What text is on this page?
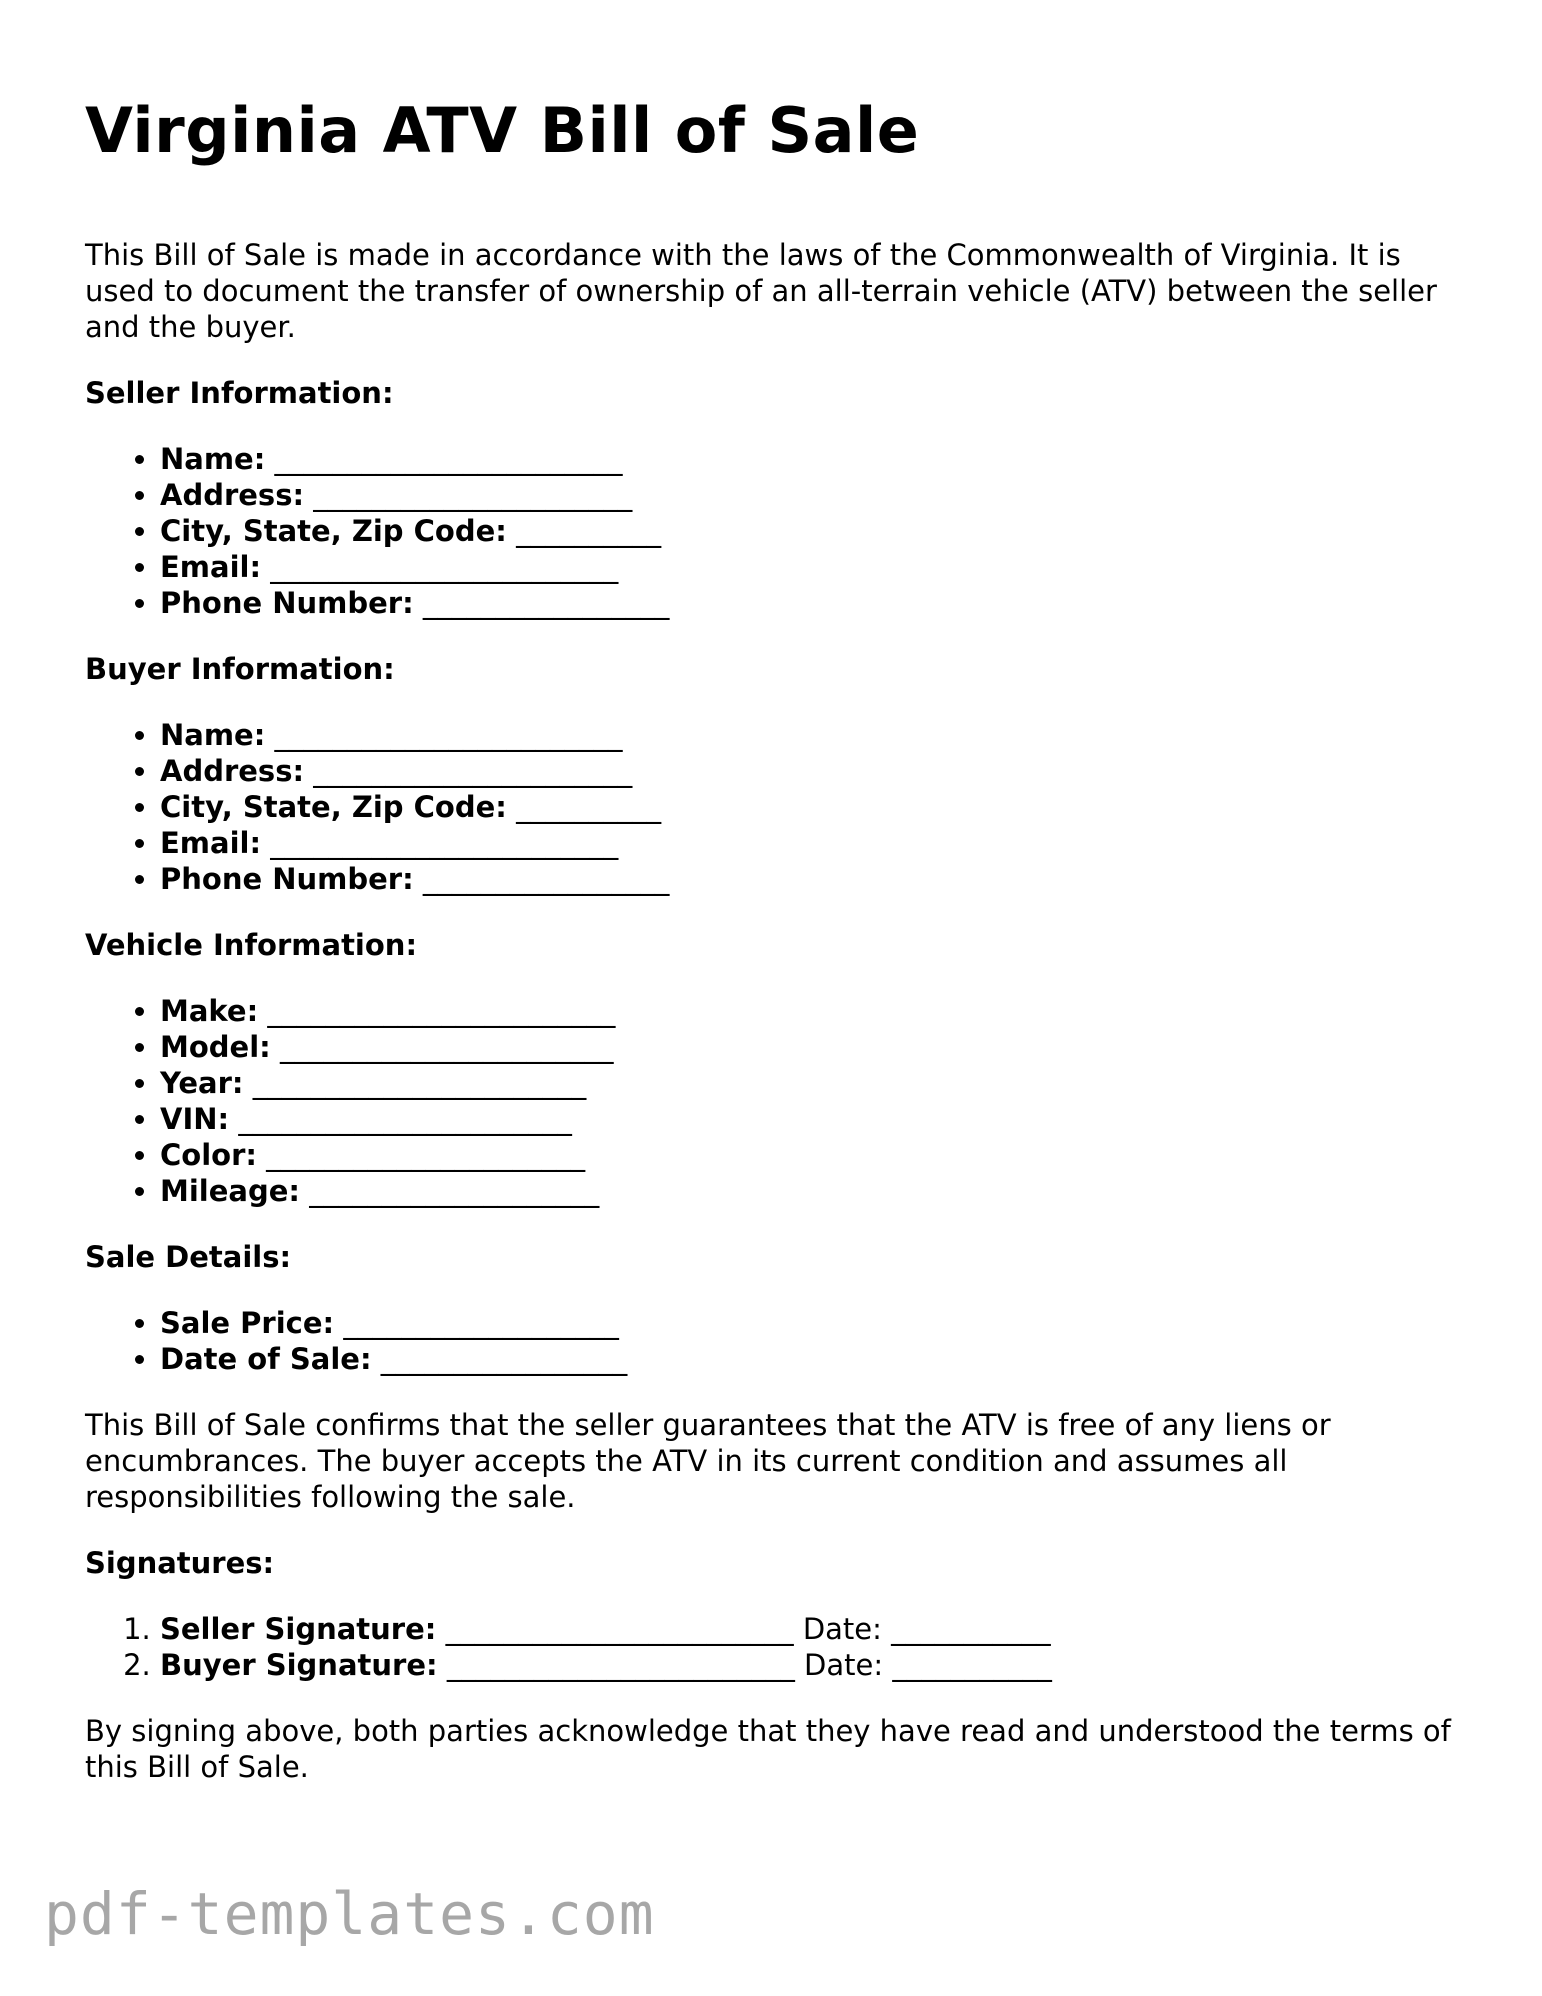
Virginia ATV Bill of Sale

This Bill of Sale is made in accordance with the laws of the Commonwealth of Virginia. It is used to document the transfer of ownership of an all-terrain vehicle (ATV) between the seller and the buyer.

Seller Information:
• Name: ________________________
• Address: ______________________
• City, State, Zip Code: __________
• Email: ________________________
• Phone Number: _________________
Buyer Information:
• Name: ________________________
• Address: ______________________
• City, State, Zip Code: __________
• Email: ________________________
• Phone Number: _________________
Vehicle Information:
• Make: ________________________
• Model: _______________________
• Year: _______________________
• VIN: _______________________
• Color: ______________________
• Mileage: ____________________
Sale Details:
• Sale Price: ___________________
• Date of Sale: _________________

This Bill of Sale confirms that the seller guarantees that the ATV is free of any liens or encumbrances. The buyer accepts the ATV in its current condition and assumes all responsibilities following the sale.

Signatures:
1. Seller Signature: ________________________ Date: ___________
2. Buyer Signature: ________________________ Date: ___________

By signing above, both parties acknowledge that they have read and understood the terms of this Bill of Sale.

pdf-templates.com
